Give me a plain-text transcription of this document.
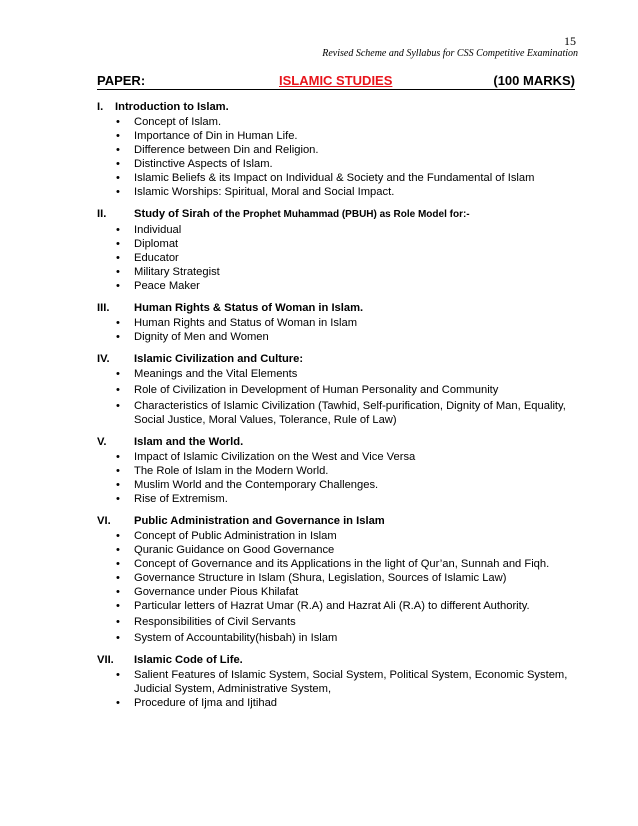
15
Revised Scheme and Syllabus for CSS Competitive Examination
PAPER:	ISLAMIC STUDIES	(100 MARKS)
I.	Introduction to Islam.
• Concept of Islam.
• Importance of Din in Human Life.
• Difference between Din and Religion.
• Distinctive Aspects of Islam.
• Islamic Beliefs & its Impact on Individual & Society and the Fundamental of Islam
• Islamic Worships: Spiritual, Moral and Social Impact.
II.	Study of Sirah of the Prophet Muhammad (PBUH) as Role Model for:-
• Individual
• Diplomat
• Educator
• Military Strategist
• Peace Maker
III.	Human Rights & Status of Woman in Islam.
• Human Rights and Status of Woman in Islam
• Dignity of Men and Women
IV.	Islamic Civilization and Culture:
• Meanings and the Vital Elements
• Role of Civilization in Development of Human Personality and Community
• Characteristics of Islamic Civilization (Tawhid, Self-purification, Dignity of Man, Equality, Social Justice, Moral Values, Tolerance, Rule of Law)
V.	Islam and the World.
• Impact of Islamic Civilization on the West and Vice Versa
• The Role of Islam in the Modern World.
• Muslim World and the Contemporary Challenges.
• Rise of Extremism.
VI.	Public Administration and Governance in Islam
• Concept of Public Administration in Islam
• Quranic Guidance on Good Governance
• Concept of Governance and its Applications in the light of Qur’an, Sunnah and Fiqh.
• Governance Structure in Islam (Shura, Legislation, Sources of Islamic Law)
• Governance under Pious Khilafat
• Particular letters of Hazrat Umar (R.A) and Hazrat Ali (R.A) to different Authority.
• Responsibilities of Civil Servants
• System of Accountability(hisbah) in Islam
VII.	Islamic Code of Life.
• Salient Features of Islamic System, Social System, Political System, Economic System, Judicial System, Administrative System,
• Procedure of Ijma and Ijtihad
